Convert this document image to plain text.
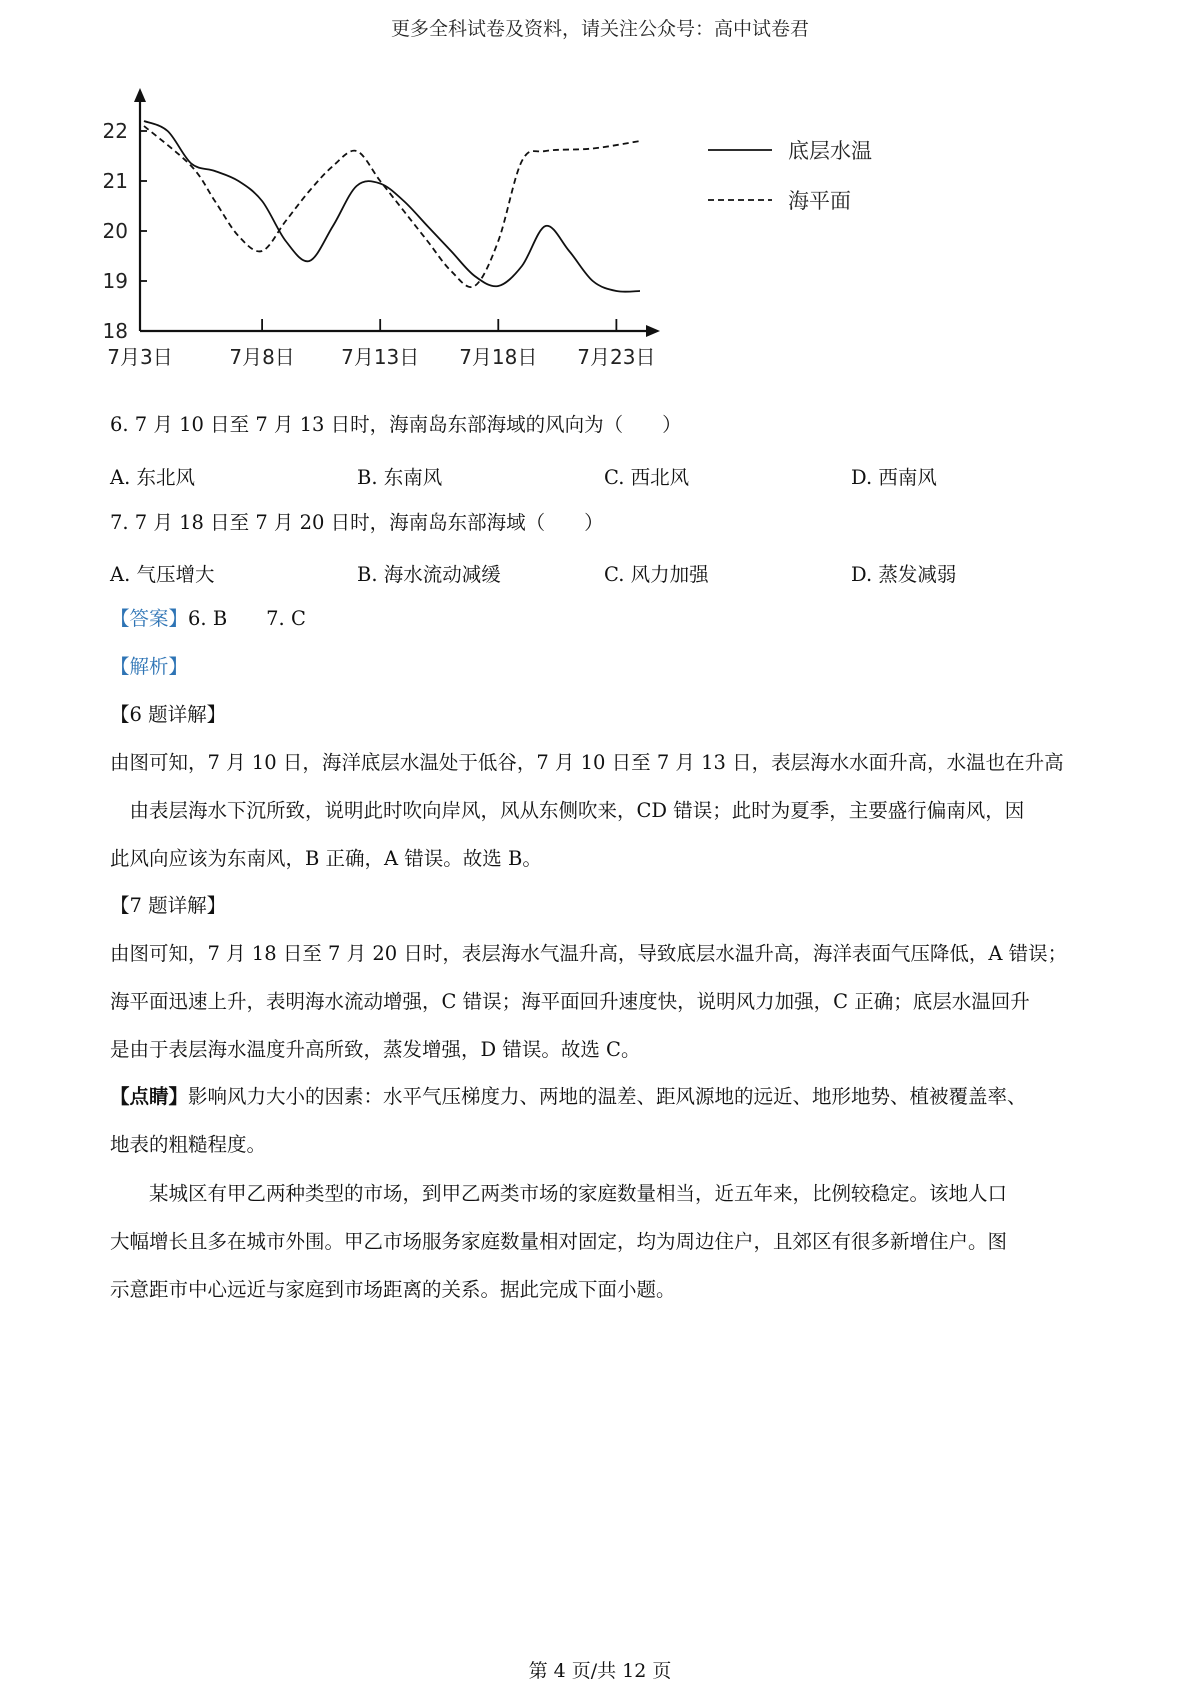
更多全科试卷及资料，请关注公众号：高中试卷君
18
19
20
21
22
7月3日	7月8日 7月13日 7月18日 7月23日
底层水温
海平面
6. 7 月 10 日至 7 月 13 日时，海南岛东部海域的风向为（　　）
A. 东北风	B. 东南风	C. 西北风	D. 西南风
7. 7 月 18 日至 7 月 20 日时，海南岛东部海域（　　）
A. 气压增大	B. 海水流动减缓	C. 风力加强	D. 蒸发减弱
【答案】6. B　　7. C
【解析】
【6 题详解】
由图可知，7 月 10 日，海洋底层水温处于低谷，7 月 10 日至 7 月 13 日，表层海水水面升高，水温也在升高
　由表层海水下沉所致，说明此时吹向岸风，风从东侧吹来，CD 错误；此时为夏季，主要盛行偏南风，因
此风向应该为东南风，B 正确，A 错误。故选 B。
【7 题详解】
由图可知，7 月 18 日至 7 月 20 日时，表层海水气温升高，导致底层水温升高，海洋表面气压降低，A 错误；
海平面迅速上升，表明海水流动增强，C 错误；海平面回升速度快，说明风力加强，C 正确；底层水温回升
是由于表层海水温度升高所致，蒸发增强，D 错误。故选 C。
【点睛】影响风力大小的因素：水平气压梯度力、两地的温差、距风源地的远近、地形地势、植被覆盖率、
地表的粗糙程度。
　　某城区有甲乙两种类型的市场，到甲乙两类市场的家庭数量相当，近五年来，比例较稳定。该地人口
大幅增长且多在城市外围。甲乙市场服务家庭数量相对固定，均为周边住户，且郊区有很多新增住户。图
示意距市中心远近与家庭到市场距离的关系。据此完成下面小题。
第 4 页/共 12 页
